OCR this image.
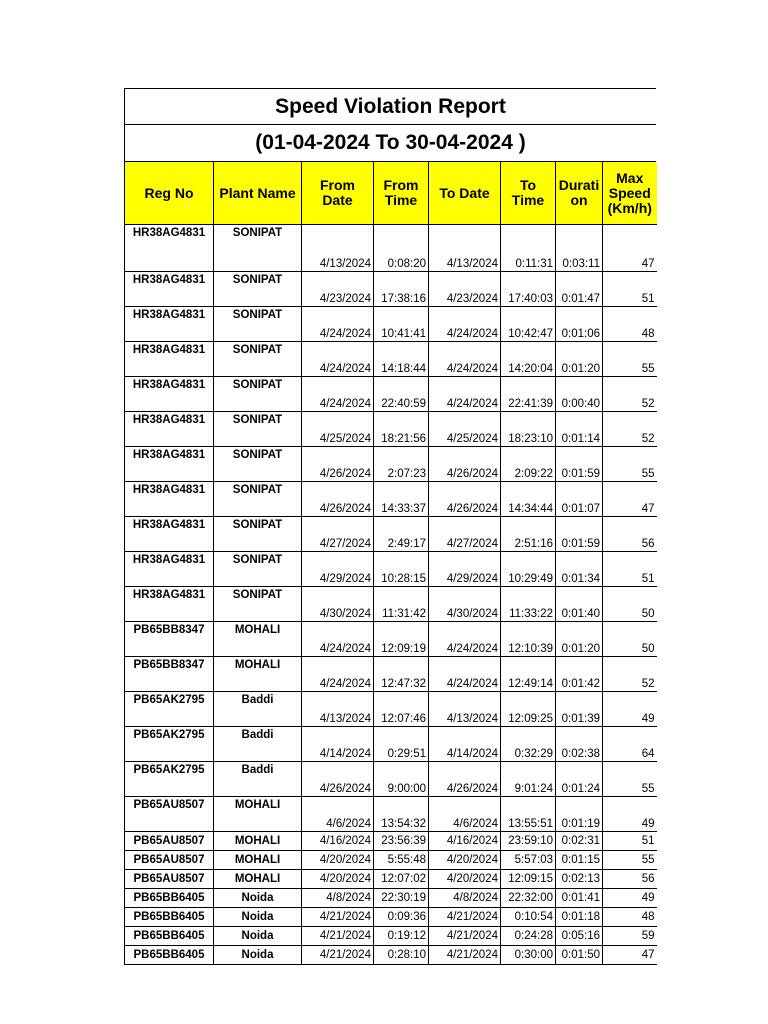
Speed Violation Report
(01-04-2024 To 30-04-2024 )
Reg No	Plant Name	From Date	From Time	To Date	To Time	Durati on	Max Speed (Km/h)
HR38AG4831	SONIPAT	4/13/2024	0:08:20	4/13/2024	0:11:31	0:03:11	47
HR38AG4831	SONIPAT	4/23/2024	17:38:16	4/23/2024	17:40:03	0:01:47	51
HR38AG4831	SONIPAT	4/24/2024	10:41:41	4/24/2024	10:42:47	0:01:06	48
HR38AG4831	SONIPAT	4/24/2024	14:18:44	4/24/2024	14:20:04	0:01:20	55
HR38AG4831	SONIPAT	4/24/2024	22:40:59	4/24/2024	22:41:39	0:00:40	52
HR38AG4831	SONIPAT	4/25/2024	18:21:56	4/25/2024	18:23:10	0:01:14	52
HR38AG4831	SONIPAT	4/26/2024	2:07:23	4/26/2024	2:09:22	0:01:59	55
HR38AG4831	SONIPAT	4/26/2024	14:33:37	4/26/2024	14:34:44	0:01:07	47
HR38AG4831	SONIPAT	4/27/2024	2:49:17	4/27/2024	2:51:16	0:01:59	56
HR38AG4831	SONIPAT	4/29/2024	10:28:15	4/29/2024	10:29:49	0:01:34	51
HR38AG4831	SONIPAT	4/30/2024	11:31:42	4/30/2024	11:33:22	0:01:40	50
PB65BB8347	MOHALI	4/24/2024	12:09:19	4/24/2024	12:10:39	0:01:20	50
PB65BB8347	MOHALI	4/24/2024	12:47:32	4/24/2024	12:49:14	0:01:42	52
PB65AK2795	Baddi	4/13/2024	12:07:46	4/13/2024	12:09:25	0:01:39	49
PB65AK2795	Baddi	4/14/2024	0:29:51	4/14/2024	0:32:29	0:02:38	64
PB65AK2795	Baddi	4/26/2024	9:00:00	4/26/2024	9:01:24	0:01:24	55
PB65AU8507	MOHALI	4/6/2024	13:54:32	4/6/2024	13:55:51	0:01:19	49
PB65AU8507	MOHALI	4/16/2024	23:56:39	4/16/2024	23:59:10	0:02:31	51
PB65AU8507	MOHALI	4/20/2024	5:55:48	4/20/2024	5:57:03	0:01:15	55
PB65AU8507	MOHALI	4/20/2024	12:07:02	4/20/2024	12:09:15	0:02:13	56
PB65BB6405	Noida	4/8/2024	22:30:19	4/8/2024	22:32:00	0:01:41	49
PB65BB6405	Noida	4/21/2024	0:09:36	4/21/2024	0:10:54	0:01:18	48
PB65BB6405	Noida	4/21/2024	0:19:12	4/21/2024	0:24:28	0:05:16	59
PB65BB6405	Noida	4/21/2024	0:28:10	4/21/2024	0:30:00	0:01:50	47
